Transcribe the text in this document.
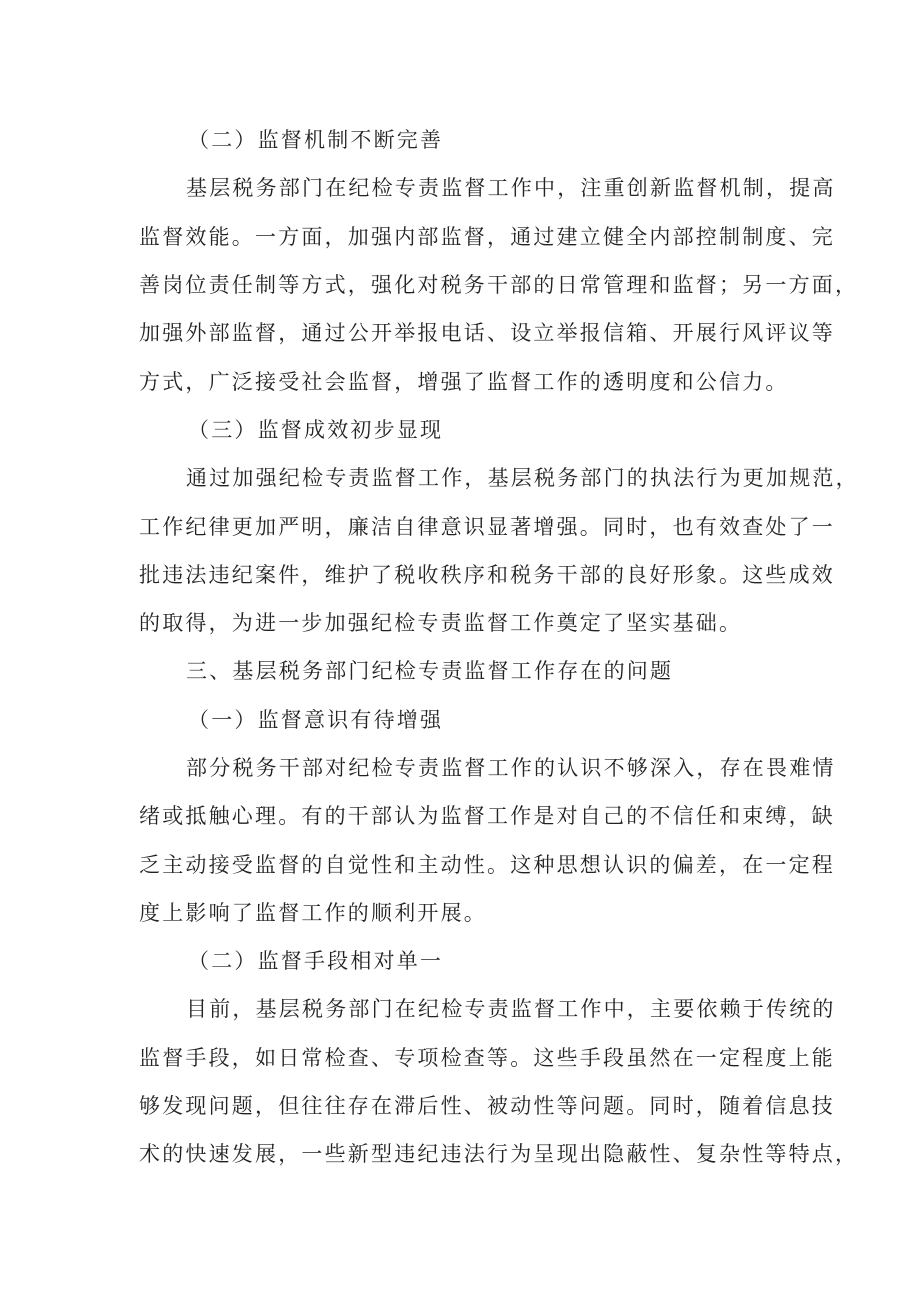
（二）监督机制不断完善
基层税务部门在纪检专责监督工作中，注重创新监督机制，提高
监督效能。一方面，加强内部监督，通过建立健全内部控制制度、完
善岗位责任制等方式，强化对税务干部的日常管理和监督；另一方面，
加强外部监督，通过公开举报电话、设立举报信箱、开展行风评议等
方式，广泛接受社会监督，增强了监督工作的透明度和公信力。
（三）监督成效初步显现
通过加强纪检专责监督工作，基层税务部门的执法行为更加规范，
工作纪律更加严明，廉洁自律意识显著增强。同时，也有效查处了一
批违法违纪案件，维护了税收秩序和税务干部的良好形象。这些成效
的取得，为进一步加强纪检专责监督工作奠定了坚实基础。
三、基层税务部门纪检专责监督工作存在的问题
（一）监督意识有待增强
部分税务干部对纪检专责监督工作的认识不够深入，存在畏难情
绪或抵触心理。有的干部认为监督工作是对自己的不信任和束缚，缺
乏主动接受监督的自觉性和主动性。这种思想认识的偏差，在一定程
度上影响了监督工作的顺利开展。
（二）监督手段相对单一
目前，基层税务部门在纪检专责监督工作中，主要依赖于传统的
监督手段，如日常检查、专项检查等。这些手段虽然在一定程度上能
够发现问题，但往往存在滞后性、被动性等问题。同时，随着信息技
术的快速发展，一些新型违纪违法行为呈现出隐蔽性、复杂性等特点，
